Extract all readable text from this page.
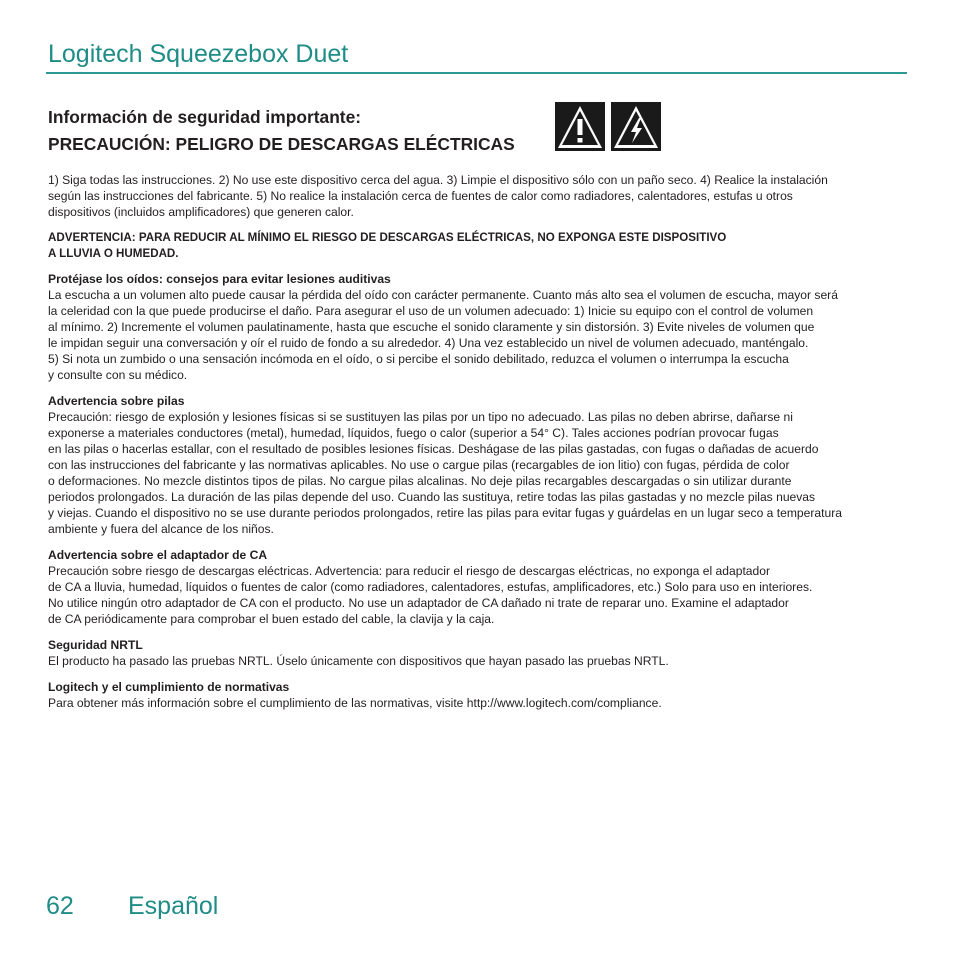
Logitech Squeezebox Duet
Información de seguridad importante:
PRECAUCIÓN: PELIGRO DE DESCARGAS ELÉCTRICAS

1) Siga todas las instrucciones. 2) No use este dispositivo cerca del agua. 3) Limpie el dispositivo sólo con un paño seco. 4) Realice la instalación
según las instrucciones del fabricante. 5) No realice la instalación cerca de fuentes de calor como radiadores, calentadores, estufas u otros
dispositivos (incluidos amplificadores) que generen calor.

ADVERTENCIA: PARA REDUCIR AL MÍNIMO EL RIESGO DE DESCARGAS ELÉCTRICAS, NO EXPONGA ESTE DISPOSITIVO
A LLUVIA O HUMEDAD.

Protéjase los oídos: consejos para evitar lesiones auditivas

La escucha a un volumen alto puede causar la pérdida del oído con carácter permanente. Cuanto más alto sea el volumen de escucha, mayor será
la celeridad con la que puede producirse el daño. Para asegurar el uso de un volumen adecuado: 1) Inicie su equipo con el control de volumen
al mínimo. 2) Incremente el volumen paulatinamente, hasta que escuche el sonido claramente y sin distorsión. 3) Evite niveles de volumen que
le impidan seguir una conversación y oír el ruido de fondo a su alrededor. 4) Una vez establecido un nivel de volumen adecuado, manténgalo.
5) Si nota un zumbido o una sensación incómoda en el oído, o si percibe el sonido debilitado, reduzca el volumen o interrumpa la escucha
y consulte con su médico.

Advertencia sobre pilas

Precaución: riesgo de explosión y lesiones físicas si se sustituyen las pilas por un tipo no adecuado. Las pilas no deben abrirse, dañarse ni
exponerse a materiales conductores (metal), humedad, líquidos, fuego o calor (superior a 54° C). Tales acciones podrían provocar fugas
en las pilas o hacerlas estallar, con el resultado de posibles lesiones físicas. Deshágase de las pilas gastadas, con fugas o dañadas de acuerdo
con las instrucciones del fabricante y las normativas aplicables. No use o cargue pilas (recargables de ion litio) con fugas, pérdida de color
o deformaciones. No mezcle distintos tipos de pilas. No cargue pilas alcalinas. No deje pilas recargables descargadas o sin utilizar durante
periodos prolongados. La duración de las pilas depende del uso. Cuando las sustituya, retire todas las pilas gastadas y no mezcle pilas nuevas
y viejas. Cuando el dispositivo no se use durante periodos prolongados, retire las pilas para evitar fugas y guárdelas en un lugar seco a temperatura
ambiente y fuera del alcance de los niños.

Advertencia sobre el adaptador de CA

Precaución sobre riesgo de descargas eléctricas. Advertencia: para reducir el riesgo de descargas eléctricas, no exponga el adaptador
de CA a lluvia, humedad, líquidos o fuentes de calor (como radiadores, calentadores, estufas, amplificadores, etc.) Solo para uso en interiores.
No utilice ningún otro adaptador de CA con el producto. No use un adaptador de CA dañado ni trate de reparar uno. Examine el adaptador
de CA periódicamente para comprobar el buen estado del cable, la clavija y la caja.

Seguridad NRTL

El producto ha pasado las pruebas NRTL. Úselo únicamente con dispositivos que hayan pasado las pruebas NRTL.

Logitech y el cumplimiento de normativas

Para obtener más información sobre el cumplimiento de las normativas, visite http://www.logitech.com/compliance.

62 Español
